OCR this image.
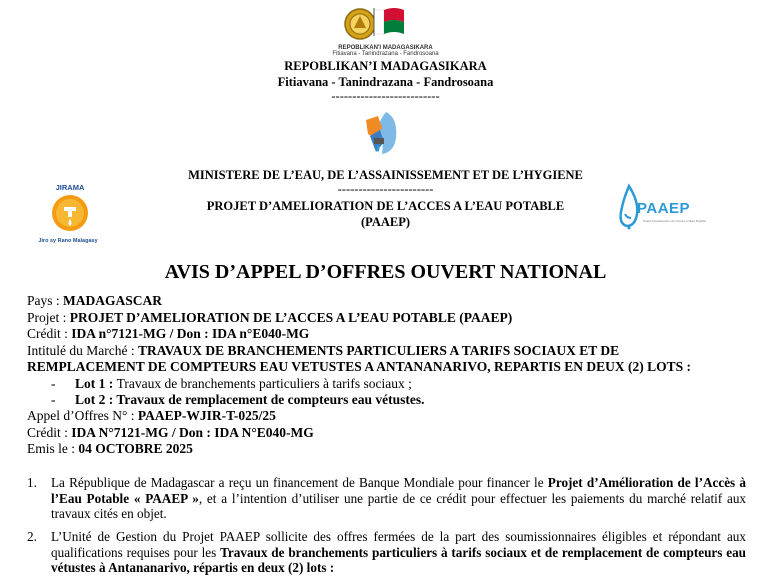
REPOBLIKAN'I MADAGASIKARA
Fitiavana - Tanindrazana - Fandrosoana
REPOBLIKAN’I MADAGASIKARA
Fitiavana - Tanindrazana - Fandrosoana
--------------------------
MINISTERE DE L’EAU, DE L’ASSAINISSEMENT ET DE L’HYGIENE
-----------------------
PROJET D’AMELIORATION DE L’ACCES A L’EAU POTABLE
(PAAEP)
JIRAMA
Jiro sy Rano Malagasy
PAAEP
Projet d'Amélioration de l'Accès à l'Eau Potable
AVIS D’APPEL D’OFFRES OUVERT NATIONAL
Pays : MADAGASCAR
Projet : PROJET D’AMELIORATION DE L’ACCES A L’EAU POTABLE (PAAEP)
Crédit : IDA n°7121-MG / Don : IDA n°E040-MG
Intitulé du Marché : TRAVAUX DE BRANCHEMENTS PARTICULIERS A TARIFS SOCIAUX ET DE
REMPLACEMENT DE COMPTEURS EAU VETUSTES A ANTANANARIVO, REPARTIS EN DEUX (2) LOTS :
- Lot 1 : Travaux de branchements particuliers à tarifs sociaux ;
- Lot 2 : Travaux de remplacement de compteurs eau vétustes.
Appel d’Offres N° : PAAEP-WJIR-T-025/25
Crédit : IDA N°7121-MG / Don : IDA N°E040-MG
Emis le : 04 OCTOBRE 2025
1. La République de Madagascar a reçu un financement de Banque Mondiale pour financer le Projet d’Amélioration de l’Accès à l’Eau Potable « PAAEP », et a l’intention d’utiliser une partie de ce crédit pour effectuer les paiements du marché relatif aux travaux cités en objet.
2. L’Unité de Gestion du Projet PAAEP sollicite des offres fermées de la part des soumissionnaires éligibles et répondant aux qualifications requises pour les Travaux de branchements particuliers à tarifs sociaux et de remplacement de compteurs eau vétustes à Antananarivo, répartis en deux (2) lots :
